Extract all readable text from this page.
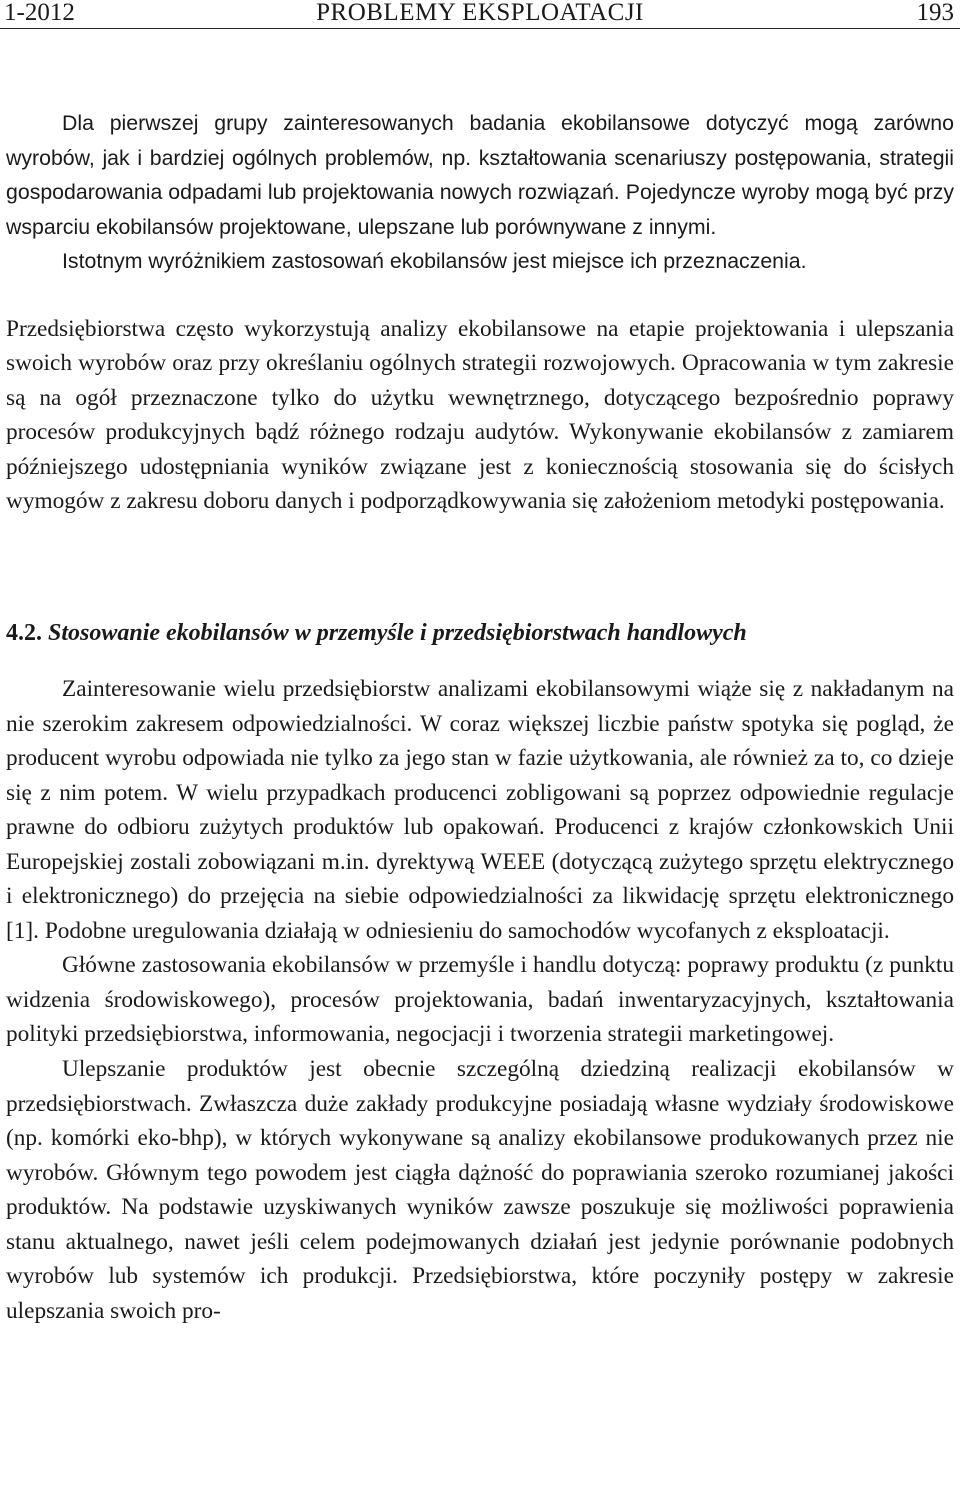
1-2012	PROBLEMY EKSPLOATACJI	193

Dla pierwszej grupy zainteresowanych badania ekobilansowe dotyczyć mogą zarówno wyrobów, jak i bardziej ogólnych problemów, np. kształtowania scenariuszy postępowania, strategii gospodarowania odpadami lub projektowania nowych rozwiązań. Pojedyncze wyroby mogą być przy wsparciu ekobilansów projektowane, ulepszane lub porównywane z innymi.

Istotnym wyróżnikiem zastosowań ekobilansów jest miejsce ich przeznaczenia.

Przedsiębiorstwa często wykorzystują analizy ekobilansowe na etapie projektowania i ulepszania swoich wyrobów oraz przy określaniu ogólnych strategii rozwojowych. Opracowania w tym zakresie są na ogół przeznaczone tylko do użytku wewnętrznego, dotyczącego bezpośrednio poprawy procesów produkcyjnych bądź różnego rodzaju audytów. Wykonywanie ekobilansów z zamiarem późniejszego udostępniania wyników związane jest z koniecznością stosowania się do ścisłych wymogów z zakresu doboru danych i podporządkowywania się założeniom metodyki postępowania.

4.2. Stosowanie ekobilansów w przemyśle i przedsiębiorstwach handlowych

Zainteresowanie wielu przedsiębiorstw analizami ekobilansowymi wiąże się z nakładanym na nie szerokim zakresem odpowiedzialności. W coraz większej liczbie państw spotyka się pogląd, że producent wyrobu odpowiada nie tylko za jego stan w fazie użytkowania, ale również za to, co dzieje się z nim potem. W wielu przypadkach producenci zobligowani są poprzez odpowiednie regulacje prawne do odbioru zużytych produktów lub opakowań. Producenci z krajów członkowskich Unii Europejskiej zostali zobowiązani m.in. dyrektywą WEEE (dotyczącą zużytego sprzętu elektrycznego i elektronicznego) do przejęcia na siebie odpowiedzialności za likwidację sprzętu elektronicznego [1]. Podobne uregulowania działają w odniesieniu do samochodów wycofanych z eksploatacji.

Główne zastosowania ekobilansów w przemyśle i handlu dotyczą: poprawy produktu (z punktu widzenia środowiskowego), procesów projektowania, badań inwentaryzacyjnych, kształtowania polityki przedsiębiorstwa, informowania, negocjacji i tworzenia strategii marketingowej.

Ulepszanie produktów jest obecnie szczególną dziedziną realizacji ekobilansów w przedsiębiorstwach. Zwłaszcza duże zakłady produkcyjne posiadają własne wydziały środowiskowe (np. komórki eko-bhp), w których wykonywane są analizy ekobilansowe produkowanych przez nie wyrobów. Głównym tego powodem jest ciągła dążność do poprawiania szeroko rozumianej jakości produktów. Na podstawie uzyskiwanych wyników zawsze poszukuje się możliwości poprawienia stanu aktualnego, nawet jeśli celem podejmowanych działań jest jedynie porównanie podobnych wyrobów lub systemów ich produkcji. Przedsiębiorstwa, które poczyniły postępy w zakresie ulepszania swoich pro-
